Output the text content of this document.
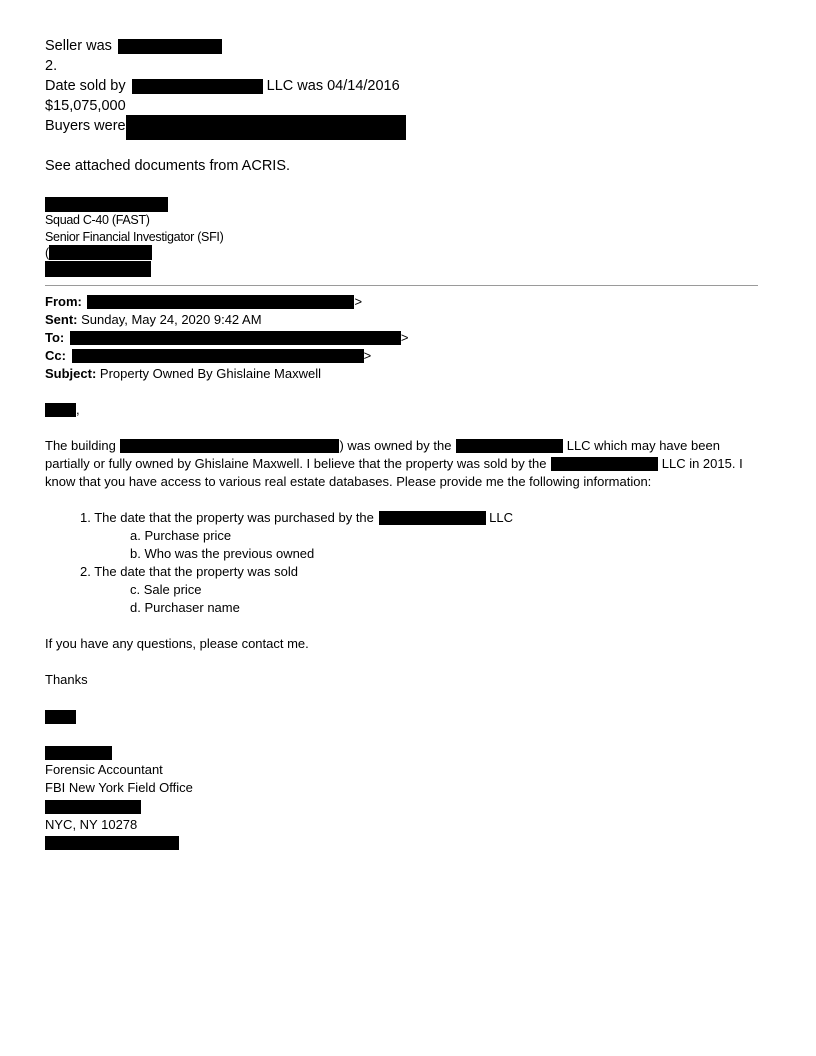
Seller was
2.
Date sold by	LLC was 04/14/2016
$15,075,000
Buyers were
See attached documents from ACRIS.
Squad C-40 (FAST)
Senior Financial Investigator (SFI)
(
From:	>
Sent: Sunday, May 24, 2020 9:42 AM
To:	>
Cc:	>
Subject: Property Owned By Ghislaine Maxwell
,
The building	) was owned by the	LLC which may have been
partially or fully owned by Ghislaine Maxwell. I believe that the property was sold by the	LLC in 2015. I
know that you have access to various real estate databases. Please provide me the following information:
1. The date that the property was purchased by the	LLC
a. Purchase price
b. Who was the previous owned
2. The date that the property was sold
c. Sale price
d. Purchaser name
If you have any questions, please contact me.
Thanks
Forensic Accountant
FBI New York Field Office
NYC, NY 10278
